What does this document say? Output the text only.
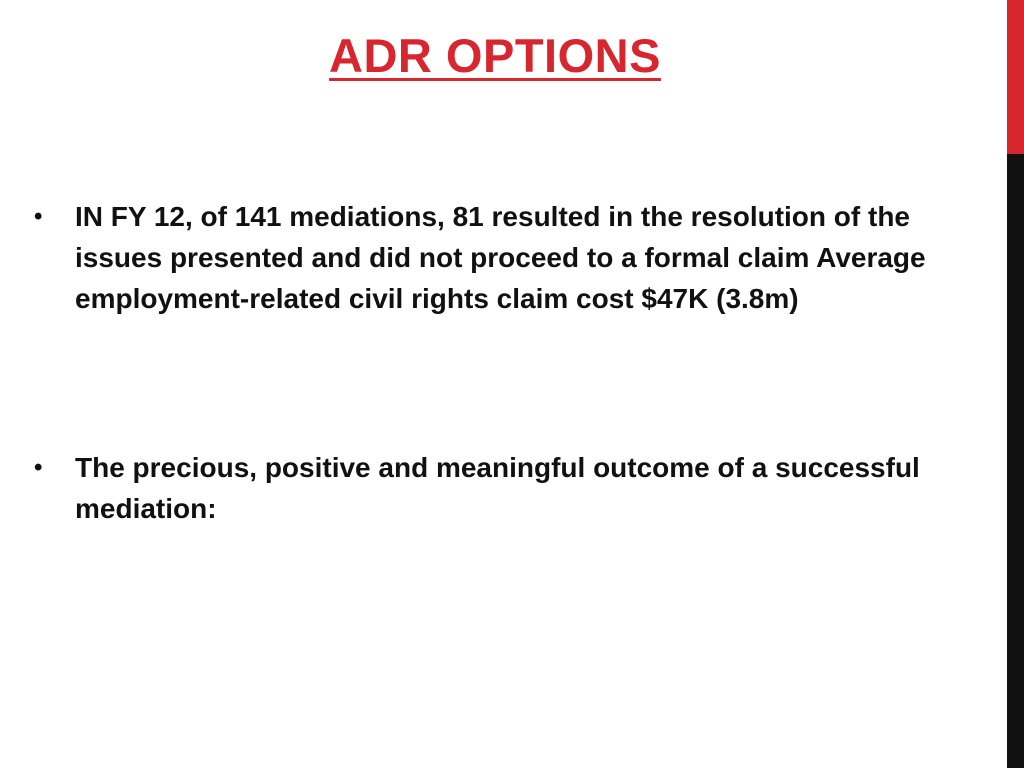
ADR OPTIONS
•	IN FY 12, of 141 mediations, 81 resulted in the resolution of the issues presented and did not proceed to a formal claim Average employment-related civil rights claim cost $47K (3.8m)
•	The precious, positive and meaningful outcome of a successful mediation:
